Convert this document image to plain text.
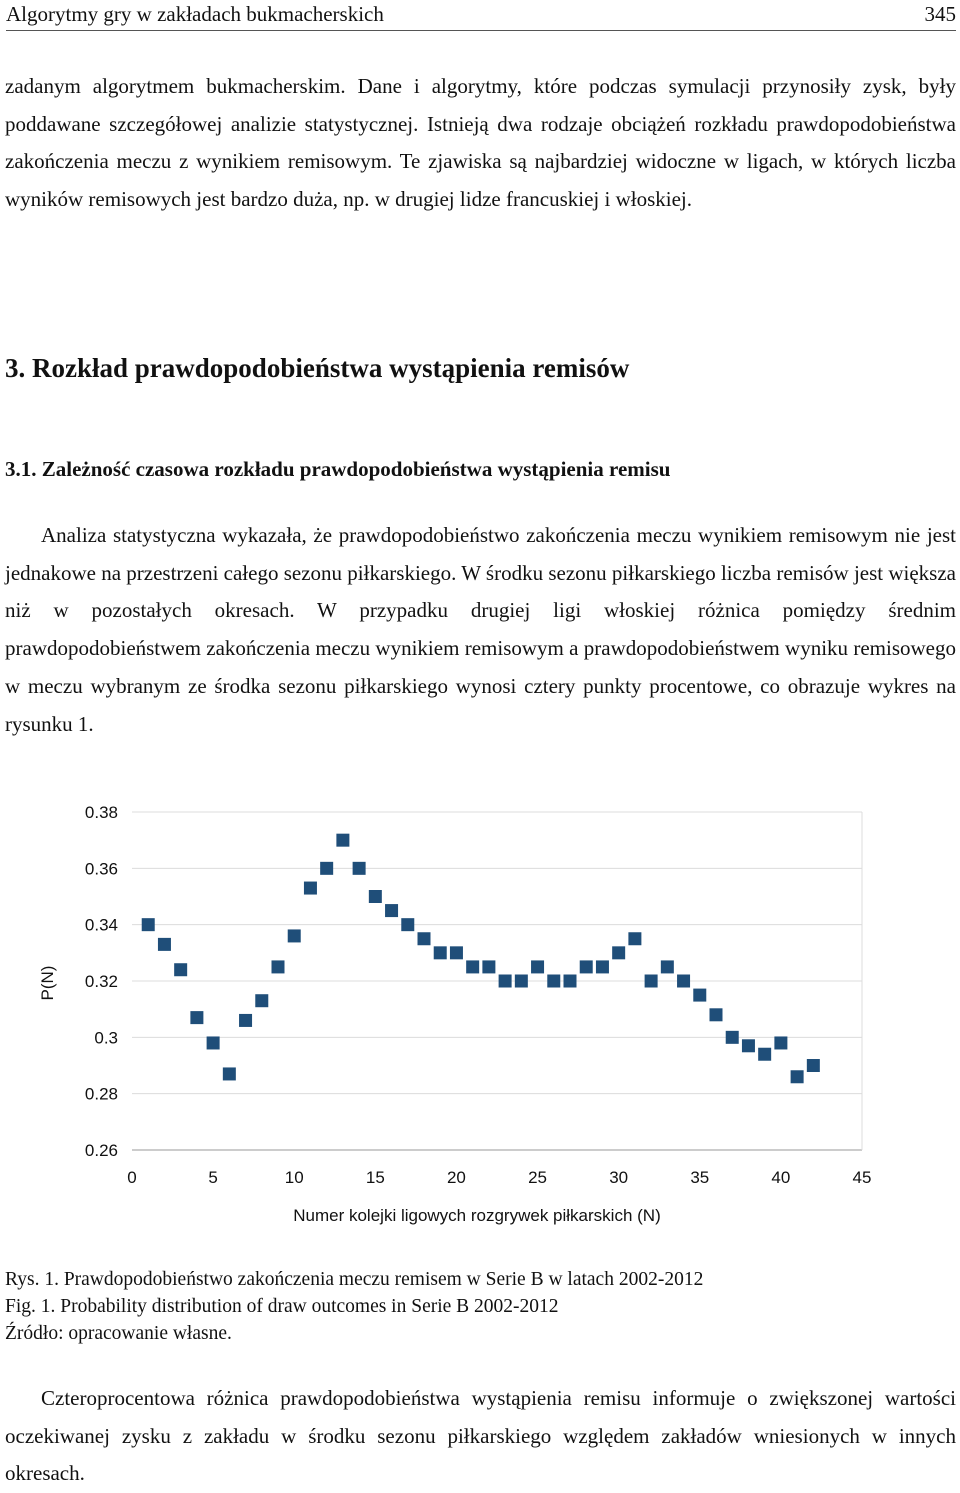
Algorytmy gry w zakładach bukmacherskich	345

zadanym algorytmem bukmacherskim. Dane i algorytmy, które podczas symulacji przynosiły zysk, były poddawane szczegółowej analizie statystycznej. Istnieją dwa rodzaje obciążeń rozkładu prawdopodobieństwa zakończenia meczu z wynikiem remisowym. Te zjawiska są najbardziej widoczne w ligach, w których liczba wyników remisowych jest bardzo duża, np. w drugiej lidze francuskiej i włoskiej.

3. Rozkład prawdopodobieństwa wystąpienia remisów
3.1. Zależność czasowa rozkładu prawdopodobieństwa wystąpienia remisu

Analiza statystyczna wykazała, że prawdopodobieństwo zakończenia meczu wynikiem remisowym nie jest jednakowe na przestrzeni całego sezonu piłkarskiego. W środku sezonu piłkarskiego liczba remisów jest większa niż w pozostałych okresach. W przypadku drugiej ligi włoskiej różnica pomiędzy średnim prawdopodobieństwem zakończenia meczu wynikiem remisowym a prawdopodobieństwem wyniku remisowego w meczu wybranym ze środka sezonu piłkarskiego wynosi cztery punkty procentowe, co obrazuje wykres na rysunku 1.

0.38
0.36
0.34
0.32
0.3
0.28
0.26
0	5	10	15	20	25	30	35	40	45
P(N)
Numer kolejki ligowych rozgrywek piłkarskich (N)

Rys. 1. Prawdopodobieństwo zakończenia meczu remisem w Serie B w latach 2002-2012

Fig. 1. Probability distribution of draw outcomes in Serie B 2002-2012

Źródło: opracowanie własne.

Czteroprocentowa różnica prawdopodobieństwa wystąpienia remisu informuje o zwiększonej wartości oczekiwanej zysku z zakładu w środku sezonu piłkarskiego względem zakładów wniesionych w innych okresach.
